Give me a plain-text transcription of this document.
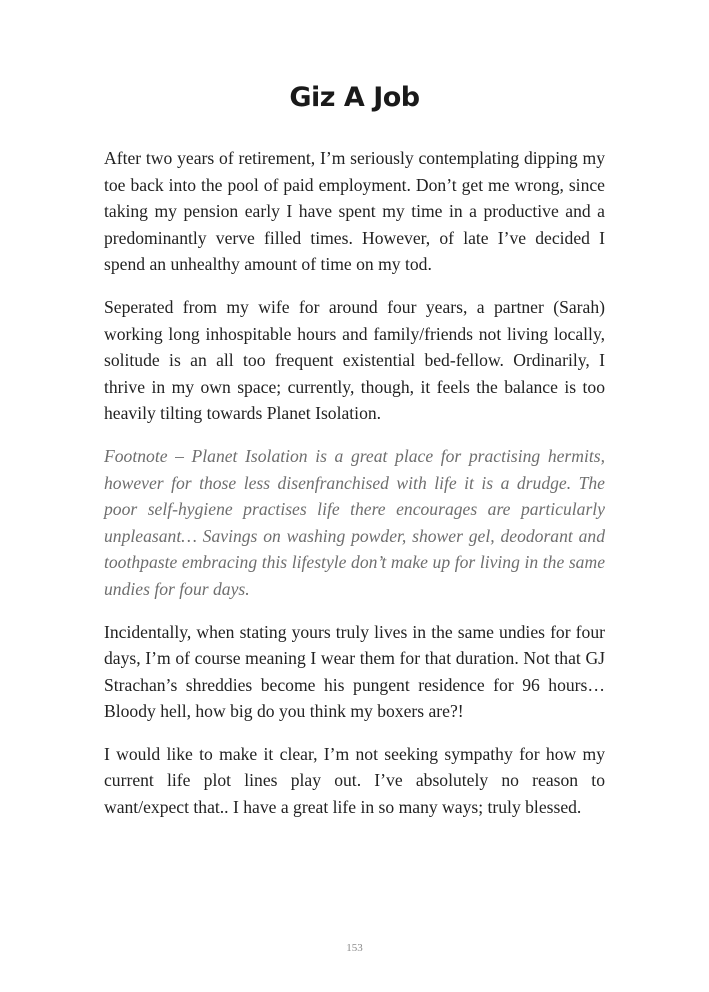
Giz A Job

After two years of retirement, I’m seriously contemplating dipping my toe back into the pool of paid employment. Don’t get me wrong, since taking my pension early I have spent my time in a productive and a predominantly verve filled times. However, of late I’ve decided I spend an unhealthy amount of time on my tod.

Seperated from my wife for around four years, a partner (Sarah) working long inhospitable hours and family/friends not living locally, solitude is an all too frequent existential bed-fellow. Ordinarily, I thrive in my own space; currently, though, it feels the balance is too heavily tilting towards Planet Isolation.

Footnote – Planet Isolation is a great place for practising hermits, however for those less disenfranchised with life it is a drudge. The poor self-hygiene practises life there encourages are particularly unpleasant… Savings on washing powder, shower gel, deodorant and toothpaste embracing this lifestyle don’t make up for living in the same undies for four days.

Incidentally, when stating yours truly lives in the same undies for four days, I’m of course meaning I wear them for that duration. Not that GJ Strachan’s shreddies become his pungent residence for 96 hours… Bloody hell, how big do you think my boxers are?!

I would like to make it clear, I’m not seeking sympathy for how my current life plot lines play out. I’ve absolutely no reason to want/expect that.. I have a great life in so many ways; truly blessed.

153
